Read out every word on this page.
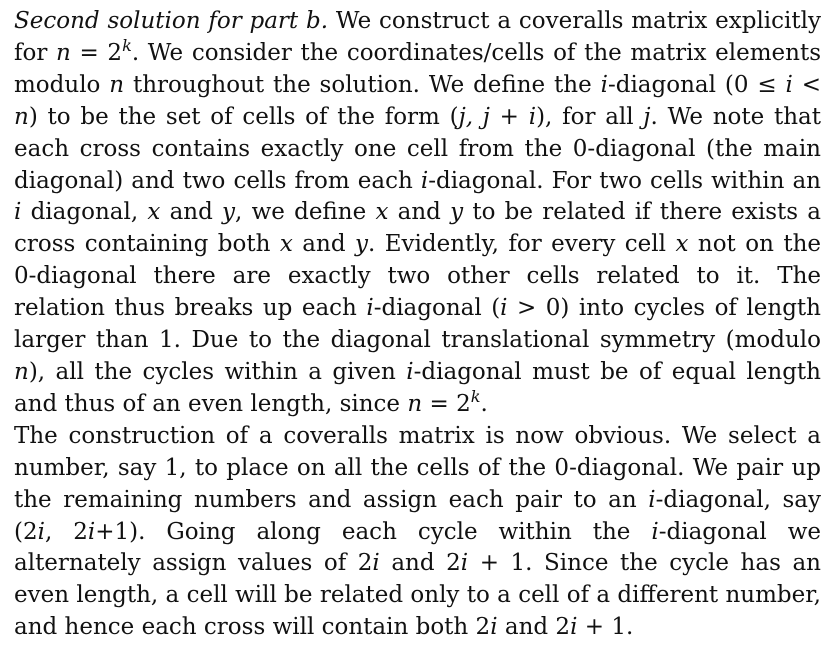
Second solution for part b. We construct a coveralls matrix explicitly for $n = 2^k$. We consider the coordinates/cells of the matrix elements modulo n throughout the solution. We define the i-diagonal (0 ≤ i < n) to be the set of cells of the form (j, j + i), for all j. We note that each cross contains exactly one cell from the 0-diagonal (the main diagonal) and two cells from each i-diagonal. For two cells within an i diagonal, x and y, we define x and y to be related if there exists a cross containing both x and y. Evidently, for every cell x not on the 0-diagonal there are exactly two other cells related to it. The relation thus breaks up each i-diagonal (i > 0) into cycles of length larger than 1. Due to the diagonal translational symmetry (modulo n), all the cycles within a given i-diagonal must be of equal length and thus of an even length, since $n = 2^k$.

The construction of a coveralls matrix is now obvious. We select a number, say 1, to place on all the cells of the 0-diagonal. We pair up the remaining numbers and assign each pair to an i-diagonal, say (2i, 2i+1). Going along each cycle within the i-diagonal we alternately assign values of 2i and 2i + 1. Since the cycle has an even length, a cell will be related only to a cell of a different number, and hence each cross will contain both 2i and 2i + 1.
